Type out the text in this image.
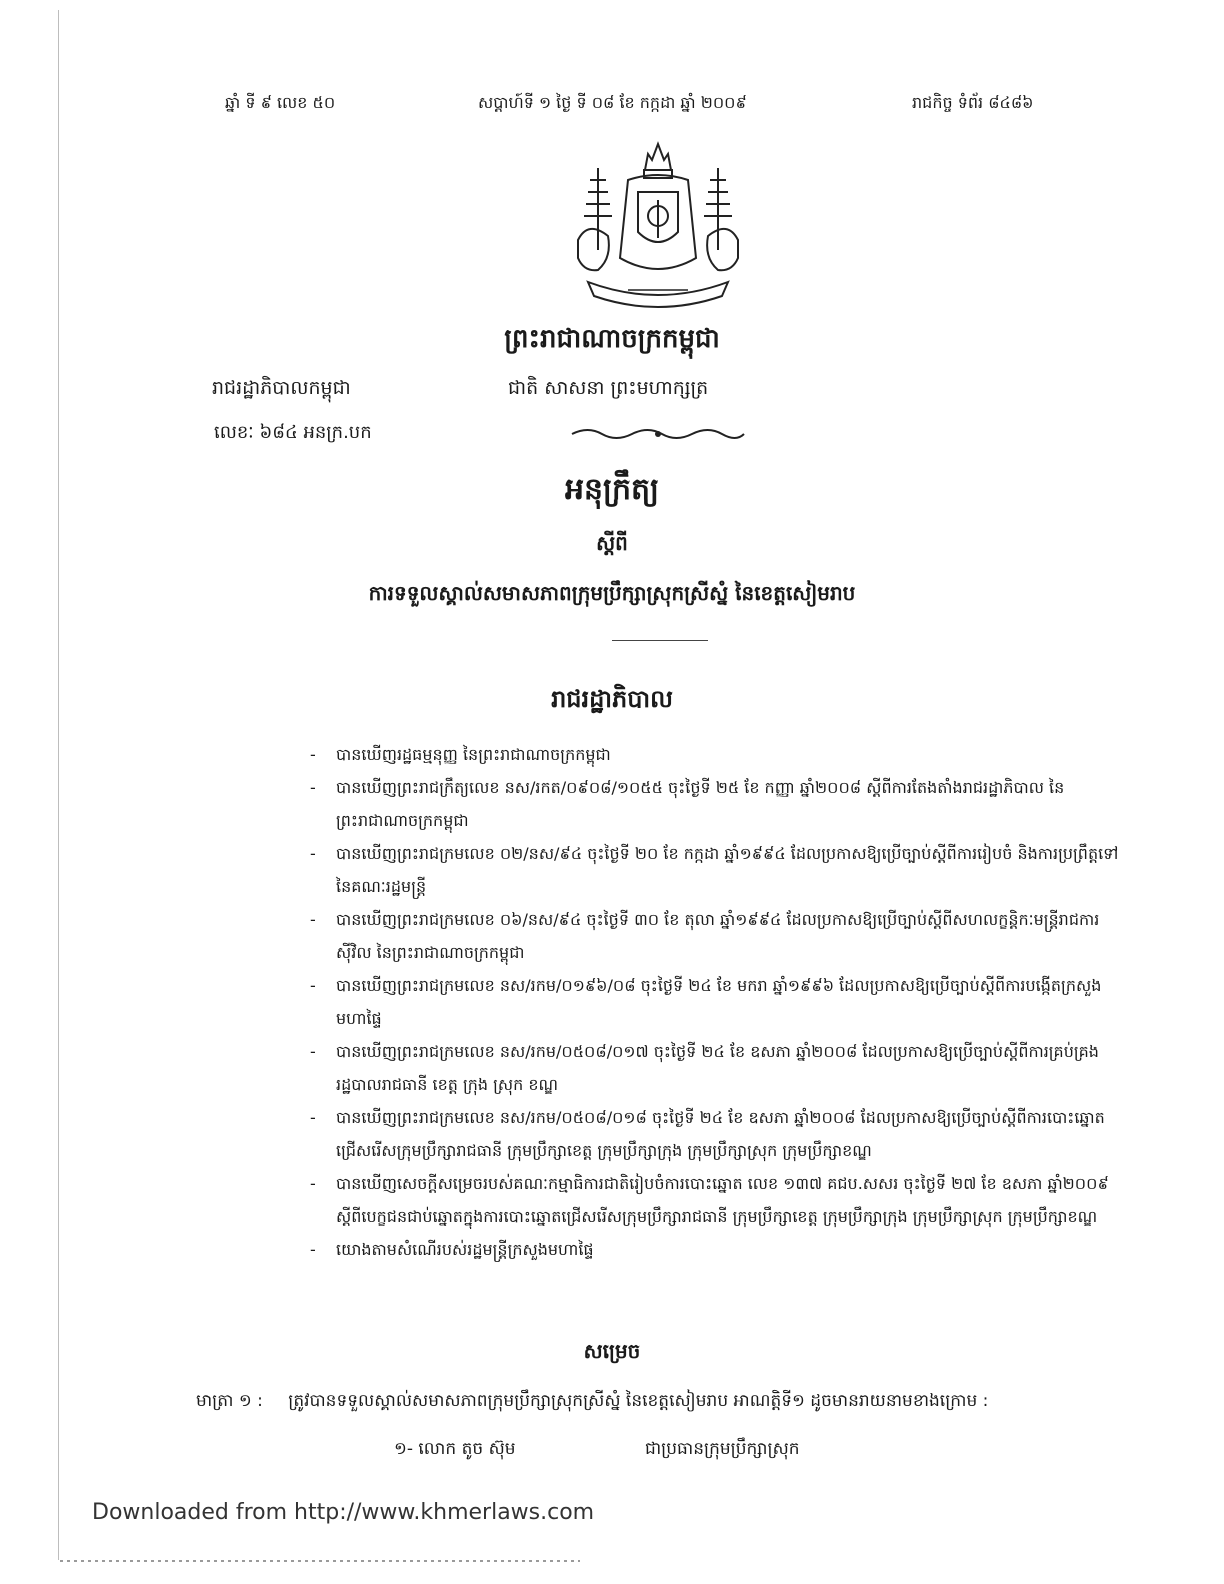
ឆ្នាំ ទី ៩ លេខ ៥០	សប្តាហ៍ទី ១ ថ្ងៃ ទី ០៨ ខែ កក្កដា ឆ្នាំ ២០០៩	រាជកិច្ច ទំព័រ ៨៤៨៦
ព្រះរាជាណាចក្រកម្ពុជា
រាជរដ្ឋាភិបាលកម្ពុជា	ជាតិ សាសនា ព្រះមហាក្សត្រ
លេខៈ ៦៨៤ អនក្រ.បក
អនុក្រឹត្យ
ស្តីពី
ការទទួលស្គាល់សមាសភាពក្រុមប្រឹក្សាស្រុកស្រីស្នំ នៃខេត្តសៀមរាប
រាជរដ្ឋាភិបាល
- បានឃើញរដ្ឋធម្មនុញ្ញ នៃព្រះរាជាណាចក្រកម្ពុជា
- បានឃើញព្រះរាជក្រឹត្យលេខ នស/រកត/០៩០៨/១០៥៥ ចុះថ្ងៃទី ២៥ ខែ កញ្ញា ឆ្នាំ២០០៨ ស្តីពីការតែងតាំងរាជរដ្ឋាភិបាល នៃព្រះរាជាណាចក្រកម្ពុជា
- បានឃើញព្រះរាជក្រមលេខ ០២/នស/៩៤ ចុះថ្ងៃទី ២០ ខែ កក្កដា ឆ្នាំ១៩៩៤ ដែលប្រកាសឱ្យប្រើច្បាប់ស្តីពីការរៀបចំ និងការប្រព្រឹត្តទៅនៃគណៈរដ្ឋមន្ត្រី
- បានឃើញព្រះរាជក្រមលេខ ០៦/នស/៩៤ ចុះថ្ងៃទី ៣០ ខែ តុលា ឆ្នាំ១៩៩៤ ដែលប្រកាសឱ្យប្រើច្បាប់ស្តីពីសហលក្ខន្តិកៈមន្ត្រីរាជការស៊ីវិល នៃព្រះរាជាណាចក្រកម្ពុជា
- បានឃើញព្រះរាជក្រមលេខ នស/រកម/០១៩៦/០៨ ចុះថ្ងៃទី ២៤ ខែ មករា ឆ្នាំ១៩៩៦ ដែលប្រកាសឱ្យប្រើច្បាប់ស្តីពីការបង្កើតក្រសួងមហាផ្ទៃ
- បានឃើញព្រះរាជក្រមលេខ នស/រកម/០៥០៨/០១៧ ចុះថ្ងៃទី ២៤ ខែ ឧសភា ឆ្នាំ២០០៨ ដែលប្រកាសឱ្យប្រើច្បាប់ស្តីពីការគ្រប់គ្រងរដ្ឋបាលរាជធានី ខេត្ត ក្រុង ស្រុក ខណ្ឌ
- បានឃើញព្រះរាជក្រមលេខ នស/រកម/០៥០៨/០១៨ ចុះថ្ងៃទី ២៤ ខែ ឧសភា ឆ្នាំ២០០៨ ដែលប្រកាសឱ្យប្រើច្បាប់ស្តីពីការបោះឆ្នោតជ្រើសរើសក្រុមប្រឹក្សារាជធានី ក្រុមប្រឹក្សាខេត្ត ក្រុមប្រឹក្សាក្រុង ក្រុមប្រឹក្សាស្រុក ក្រុមប្រឹក្សាខណ្ឌ
- បានឃើញសេចក្តីសម្រេចរបស់គណៈកម្មាធិការជាតិរៀបចំការបោះឆ្នោត លេខ ១៣៧ គជប.សសរ ចុះថ្ងៃទី ២៧ ខែ ឧសភា ឆ្នាំ២០០៩ ស្តីពីបេក្ខជនជាប់ឆ្នោតក្នុងការបោះឆ្នោតជ្រើសរើសក្រុមប្រឹក្សារាជធានី ក្រុមប្រឹក្សាខេត្ត ក្រុមប្រឹក្សាក្រុង ក្រុមប្រឹក្សាស្រុក ក្រុមប្រឹក្សាខណ្ឌ
- យោងតាមសំណើរបស់រដ្ឋមន្ត្រីក្រសួងមហាផ្ទៃ
សម្រេច
មាត្រា ១ : ត្រូវបានទទួលស្គាល់សមាសភាពក្រុមប្រឹក្សាស្រុកស្រីស្នំ នៃខេត្តសៀមរាប អាណត្តិទី១ ដូចមានរាយនាមខាងក្រោម :
១- លោក តូច ស៊ុម	ជាប្រធានក្រុមប្រឹក្សាស្រុក
Downloaded from http://www.khmerlaws.com
